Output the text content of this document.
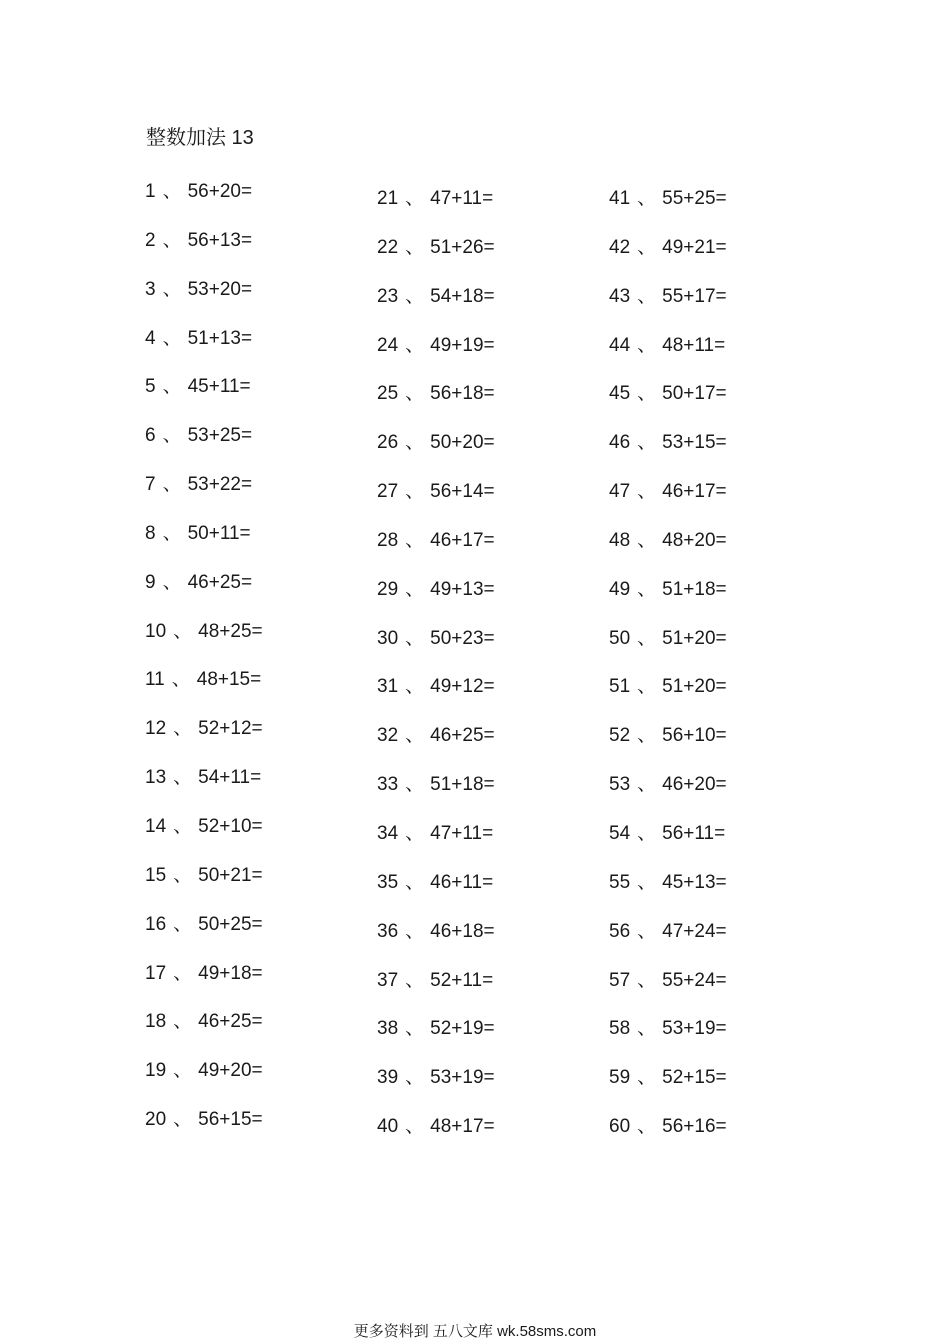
整数加法 13
1 、 56+20=
2 、 56+13=
3 、 53+20=
4 、 51+13=
5 、 45+11=
6 、 53+25=
7 、 53+22=
8 、 50+11=
9 、 46+25=
10 、 48+25=
11 、 48+15=
12 、 52+12=
13 、 54+11=
14 、 52+10=
15 、 50+21=
16 、 50+25=
17 、 49+18=
18 、 46+25=
19 、 49+20=
20 、 56+15=
21 、 47+11=
22 、 51+26=
23 、 54+18=
24 、 49+19=
25 、 56+18=
26 、 50+20=
27 、 56+14=
28 、 46+17=
29 、 49+13=
30 、 50+23=
31 、 49+12=
32 、 46+25=
33 、 51+18=
34 、 47+11=
35 、 46+11=
36 、 46+18=
37 、 52+11=
38 、 52+19=
39 、 53+19=
40 、 48+17=
41 、 55+25=
42 、 49+21=
43 、 55+17=
44 、 48+11=
45 、 50+17=
46 、 53+15=
47 、 46+17=
48 、 48+20=
49 、 51+18=
50 、 51+20=
51 、 51+20=
52 、 56+10=
53 、 46+20=
54 、 56+11=
55 、 45+13=
56 、 47+24=
57 、 55+24=
58 、 53+19=
59 、 52+15=
60 、 56+16=
更多资料到 五八文库 wk.58sms.com
